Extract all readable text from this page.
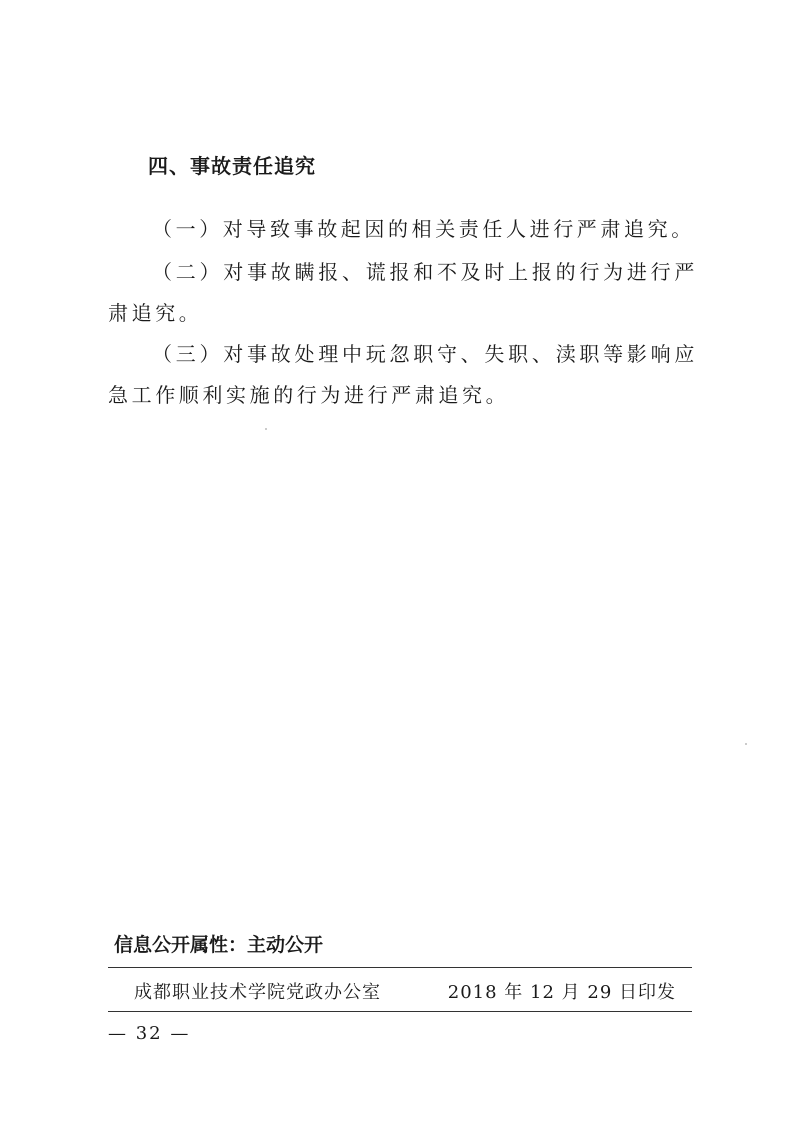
四、事故责任追究

（一）对导致事故起因的相关责任人进行严肃追究。

（二）对事故瞒报、谎报和不及时上报的行为进行严肃追究。

（三）对事故处理中玩忽职守、失职、渎职等影响应急工作顺利实施的行为进行严肃追究。

信息公开属性：主动公开
成都职业技术学院党政办公室	2018 年 12 月 29 日印发
— 32 —
